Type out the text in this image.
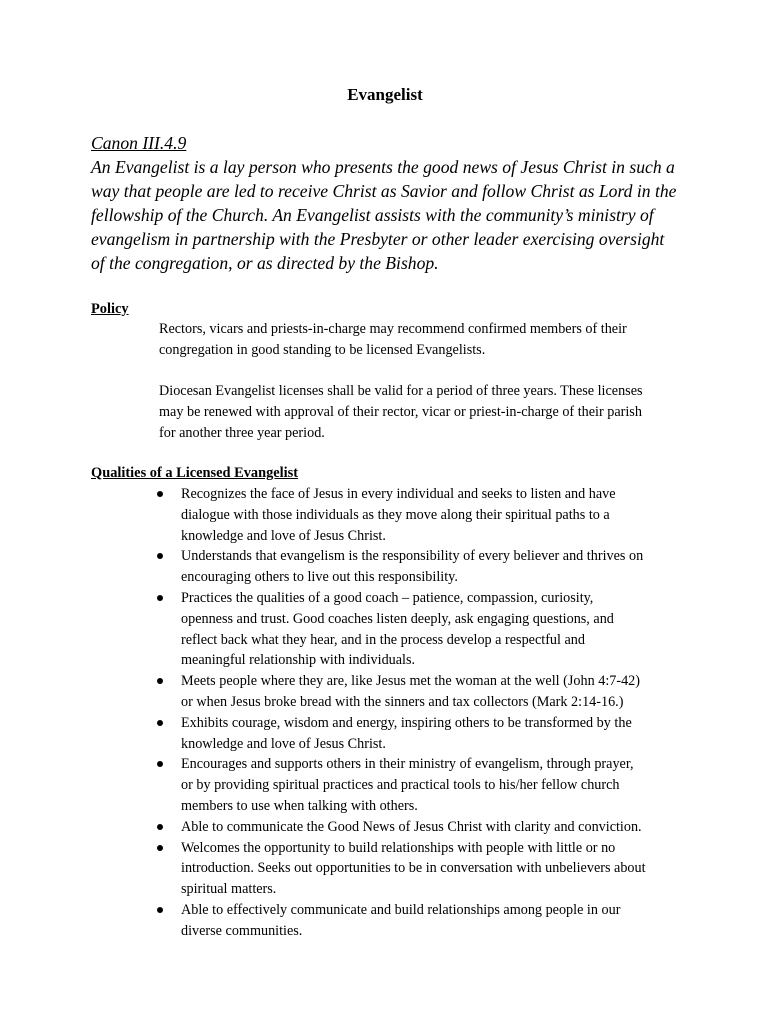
Evangelist
Canon III.4.9
An Evangelist is a lay person who presents the good news of Jesus Christ in such a
way that people are led to receive Christ as Savior and follow Christ as Lord in the
fellowship of the Church. An Evangelist assists with the community’s ministry of
evangelism in partnership with the Presbyter or other leader exercising oversight
of the congregation, or as directed by the Bishop.
Policy
Rectors, vicars and priests-in-charge may recommend confirmed members of their
congregation in good standing to be licensed Evangelists.
Diocesan Evangelist licenses shall be valid for a period of three years. These licenses
may be renewed with approval of their rector, vicar or priest-in-charge of their parish
for another three year period.
Qualities of a Licensed Evangelist
Recognizes the face of Jesus in every individual and seeks to listen and have
dialogue with those individuals as they move along their spiritual paths to a
knowledge and love of Jesus Christ.
Understands that evangelism is the responsibility of every believer and thrives on
encouraging others to live out this responsibility.
Practices the qualities of a good coach – patience, compassion, curiosity,
openness and trust. Good coaches listen deeply, ask engaging questions, and
reflect back what they hear, and in the process develop a respectful and
meaningful relationship with individuals.
Meets people where they are, like Jesus met the woman at the well (John 4:7-42)
or when Jesus broke bread with the sinners and tax collectors (Mark 2:14-16.)
Exhibits courage, wisdom and energy, inspiring others to be transformed by the
knowledge and love of Jesus Christ.
Encourages and supports others in their ministry of evangelism, through prayer,
or by providing spiritual practices and practical tools to his/her fellow church
members to use when talking with others.
Able to communicate the Good News of Jesus Christ with clarity and conviction.
Welcomes the opportunity to build relationships with people with little or no
introduction. Seeks out opportunities to be in conversation with unbelievers about
spiritual matters.
Able to effectively communicate and build relationships among people in our
diverse communities.
